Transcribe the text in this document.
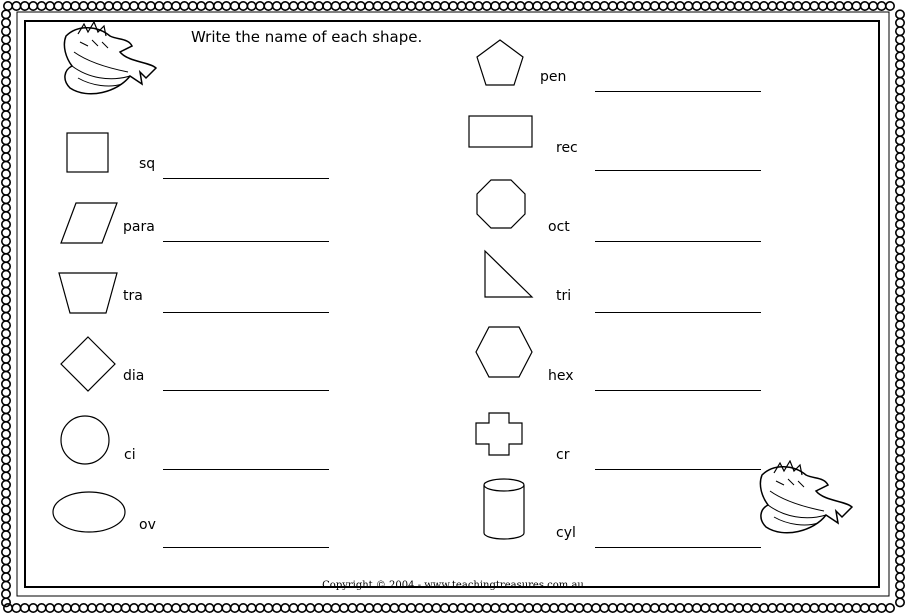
Write the name of each shape.
sq
para
tra
dia
ci
ov
pen
rec
oct
tri
hex
cr
cyl
Copyright © 2004 - www.teachingtreasures.com.au
